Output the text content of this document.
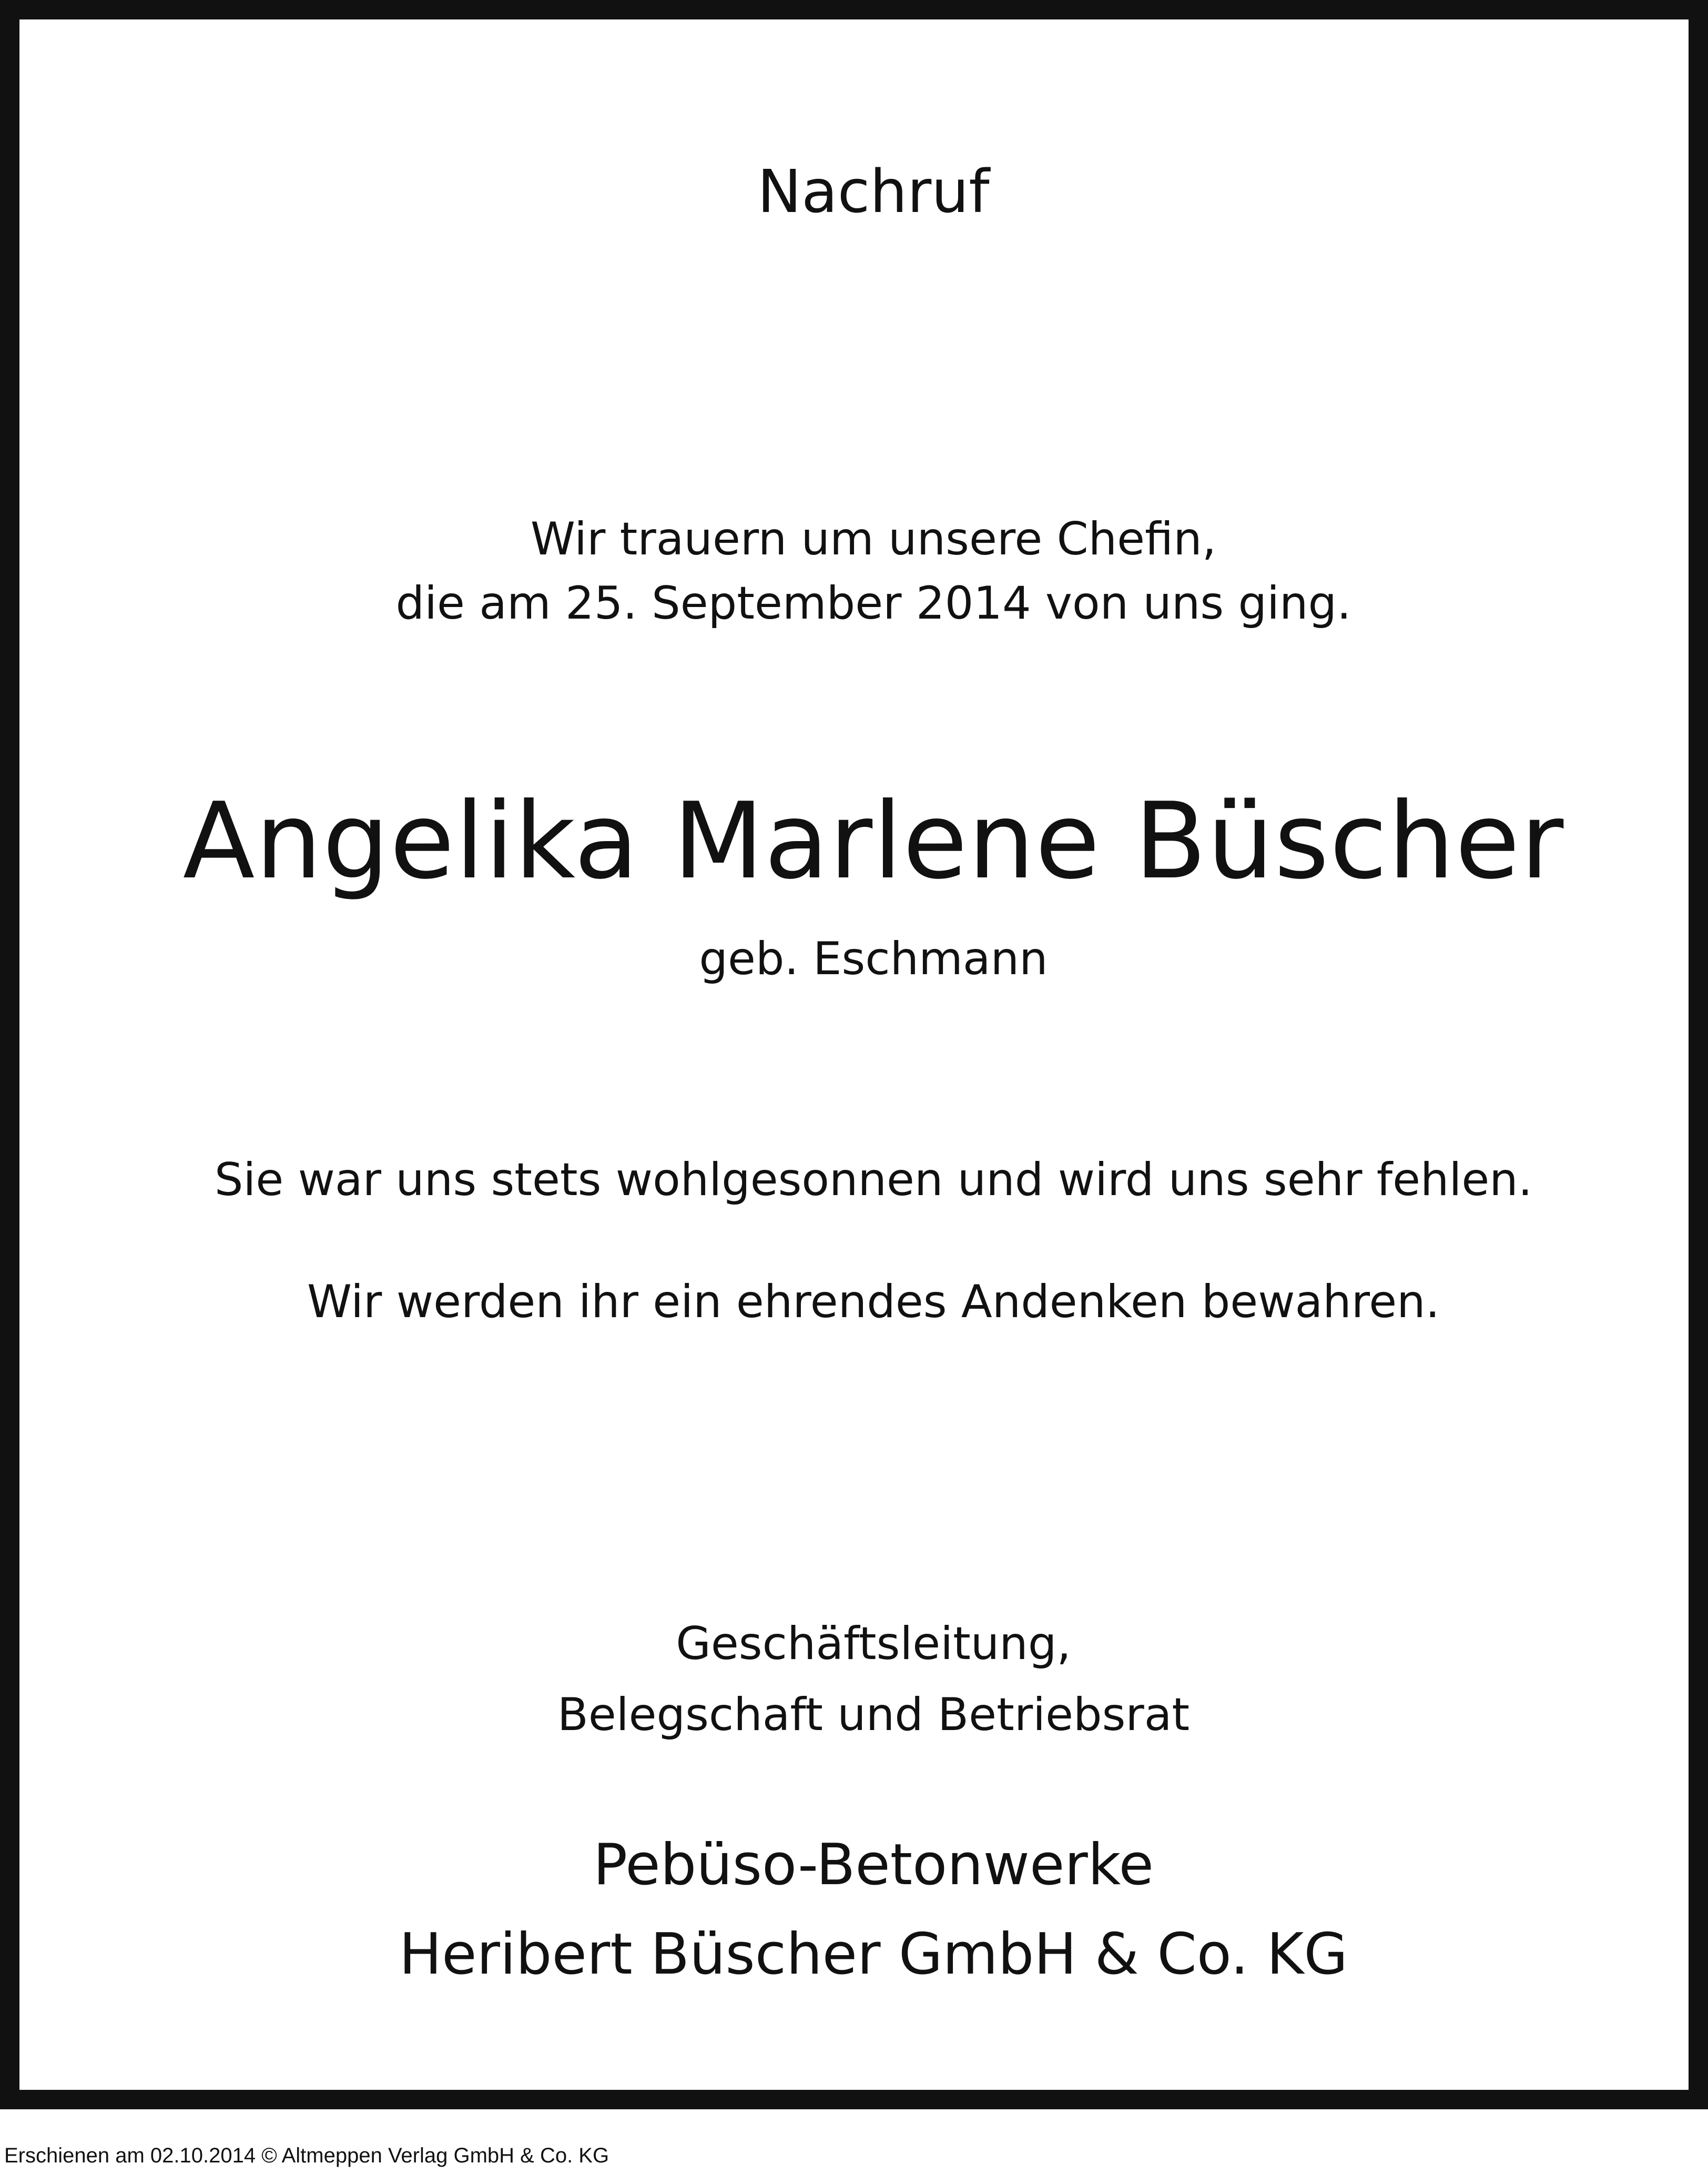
Nachruf
Wir trauern um unsere Chefin,
die am 25. September 2014 von uns ging.
Angelika Marlene Büscher
geb. Eschmann
Sie war uns stets wohlgesonnen und wird uns sehr fehlen.
Wir werden ihr ein ehrendes Andenken bewahren.
Geschäftsleitung,
Belegschaft und Betriebsrat
Pebüso-Betonwerke
Heribert Büscher GmbH & Co. KG
Erschienen am 02.10.2014 © Altmeppen Verlag GmbH & Co. KG
